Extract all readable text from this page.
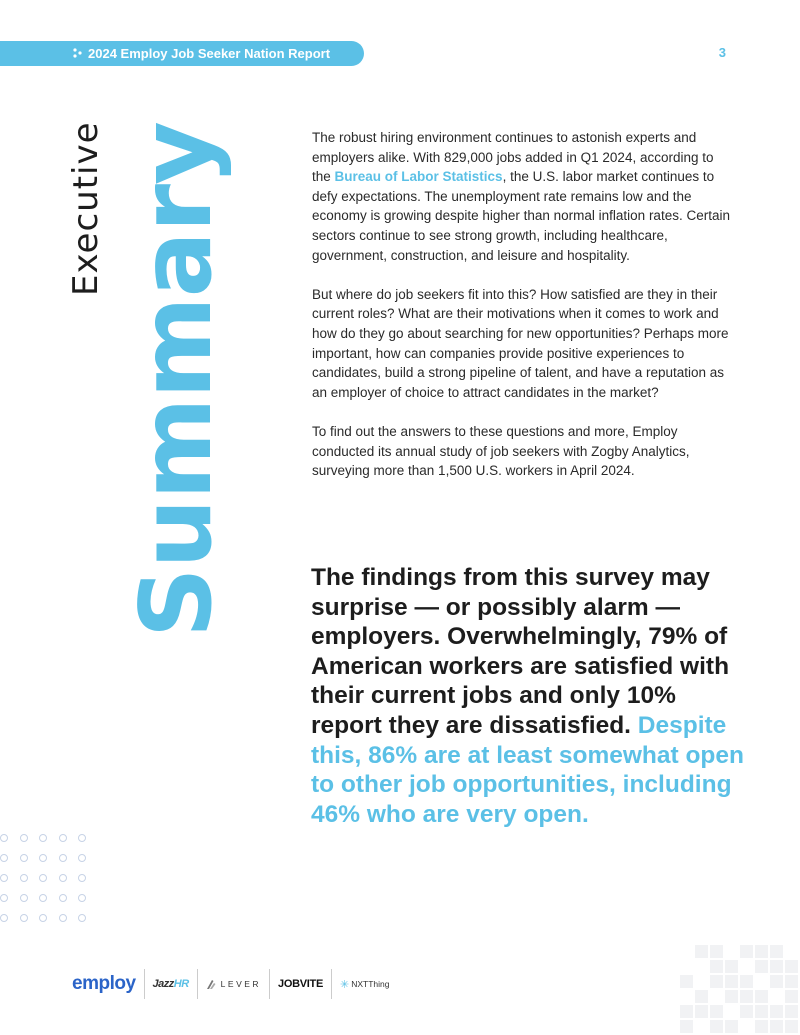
2024 Employ Job Seeker Nation Report	3
Executive Summary	The robust hiring environment continues to astonish experts and employers alike. With 829,000 jobs added in Q1 2024, according to the Bureau of Labor Statistics, the U.S. labor market continues to defy expectations. The unemployment rate remains low and the economy is growing despite higher than normal inflation rates. Certain sectors continue to see strong growth, including healthcare, government, construction, and leisure and hospitality.

But where do job seekers fit into this? How satisfied are they in their current roles? What are their motivations when it comes to work and how do they go about searching for new opportunities? Perhaps more important, how can companies provide positive experiences to candidates, build a strong pipeline of talent, and have a reputation as an employer of choice to attract candidates in the market?

To find out the answers to these questions and more, Employ conducted its annual study of job seekers with Zogby Analytics, surveying more than 1,500 U.S. workers in April 2024.

The findings from this survey may surprise — or possibly alarm — employers. Overwhelmingly, 79% of American workers are satisfied with their current jobs and only 10% report they are dissatisfied. Despite this, 86% are at least somewhat open to other job opportunities, including 46% who are very open.
employ JazzHR	LEVER JOBVITE ✳ NXTThing
